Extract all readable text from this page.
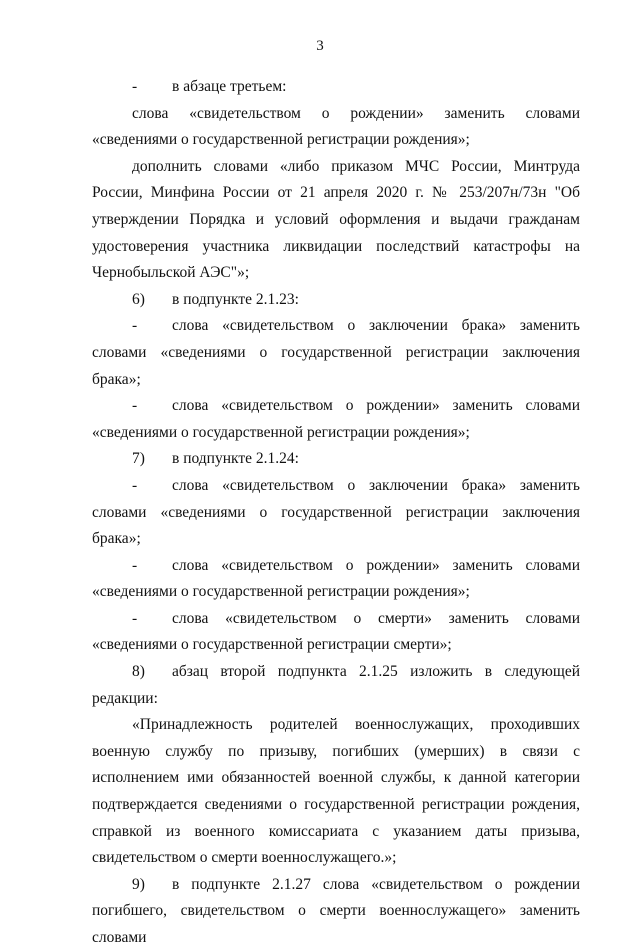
3
-	в абзаце третьем:

слова «свидетельством о рождении» заменить словами «сведениями о государственной регистрации рождения»;

дополнить словами «либо приказом МЧС России, Минтруда России, Минфина России от 21 апреля 2020 г. № 253/207н/73н "Об утверждении Порядка и условий оформления и выдачи гражданам удостоверения участника ликвидации последствий катастрофы на Чернобыльской АЭС"»;

6)	в подпункте 2.1.23:

- слова «свидетельством о заключении брака» заменить словами «сведениями о государственной регистрации заключения брака»;

- слова «свидетельством о рождении» заменить словами «сведениями о государственной регистрации рождения»;

7)	в подпункте 2.1.24:

- слова «свидетельством о заключении брака» заменить словами «сведениями о государственной регистрации заключения брака»;

- слова «свидетельством о рождении» заменить словами «сведениями о государственной регистрации рождения»;

- слова «свидетельством о смерти» заменить словами «сведениями о государственной регистрации смерти»;

8) абзац второй подпункта 2.1.25 изложить в следующей редакции:

«Принадлежность родителей военнослужащих, проходивших военную службу по призыву, погибших (умерших) в связи с исполнением ими обязанностей военной службы, к данной категории подтверждается сведениями о государственной регистрации рождения, справкой из военного комиссариата с указанием даты призыва, свидетельством о смерти военнослужащего.»;

9) в подпункте 2.1.27 слова «свидетельством о рождении погибшего, свидетельством о смерти военнослужащего» заменить словами
